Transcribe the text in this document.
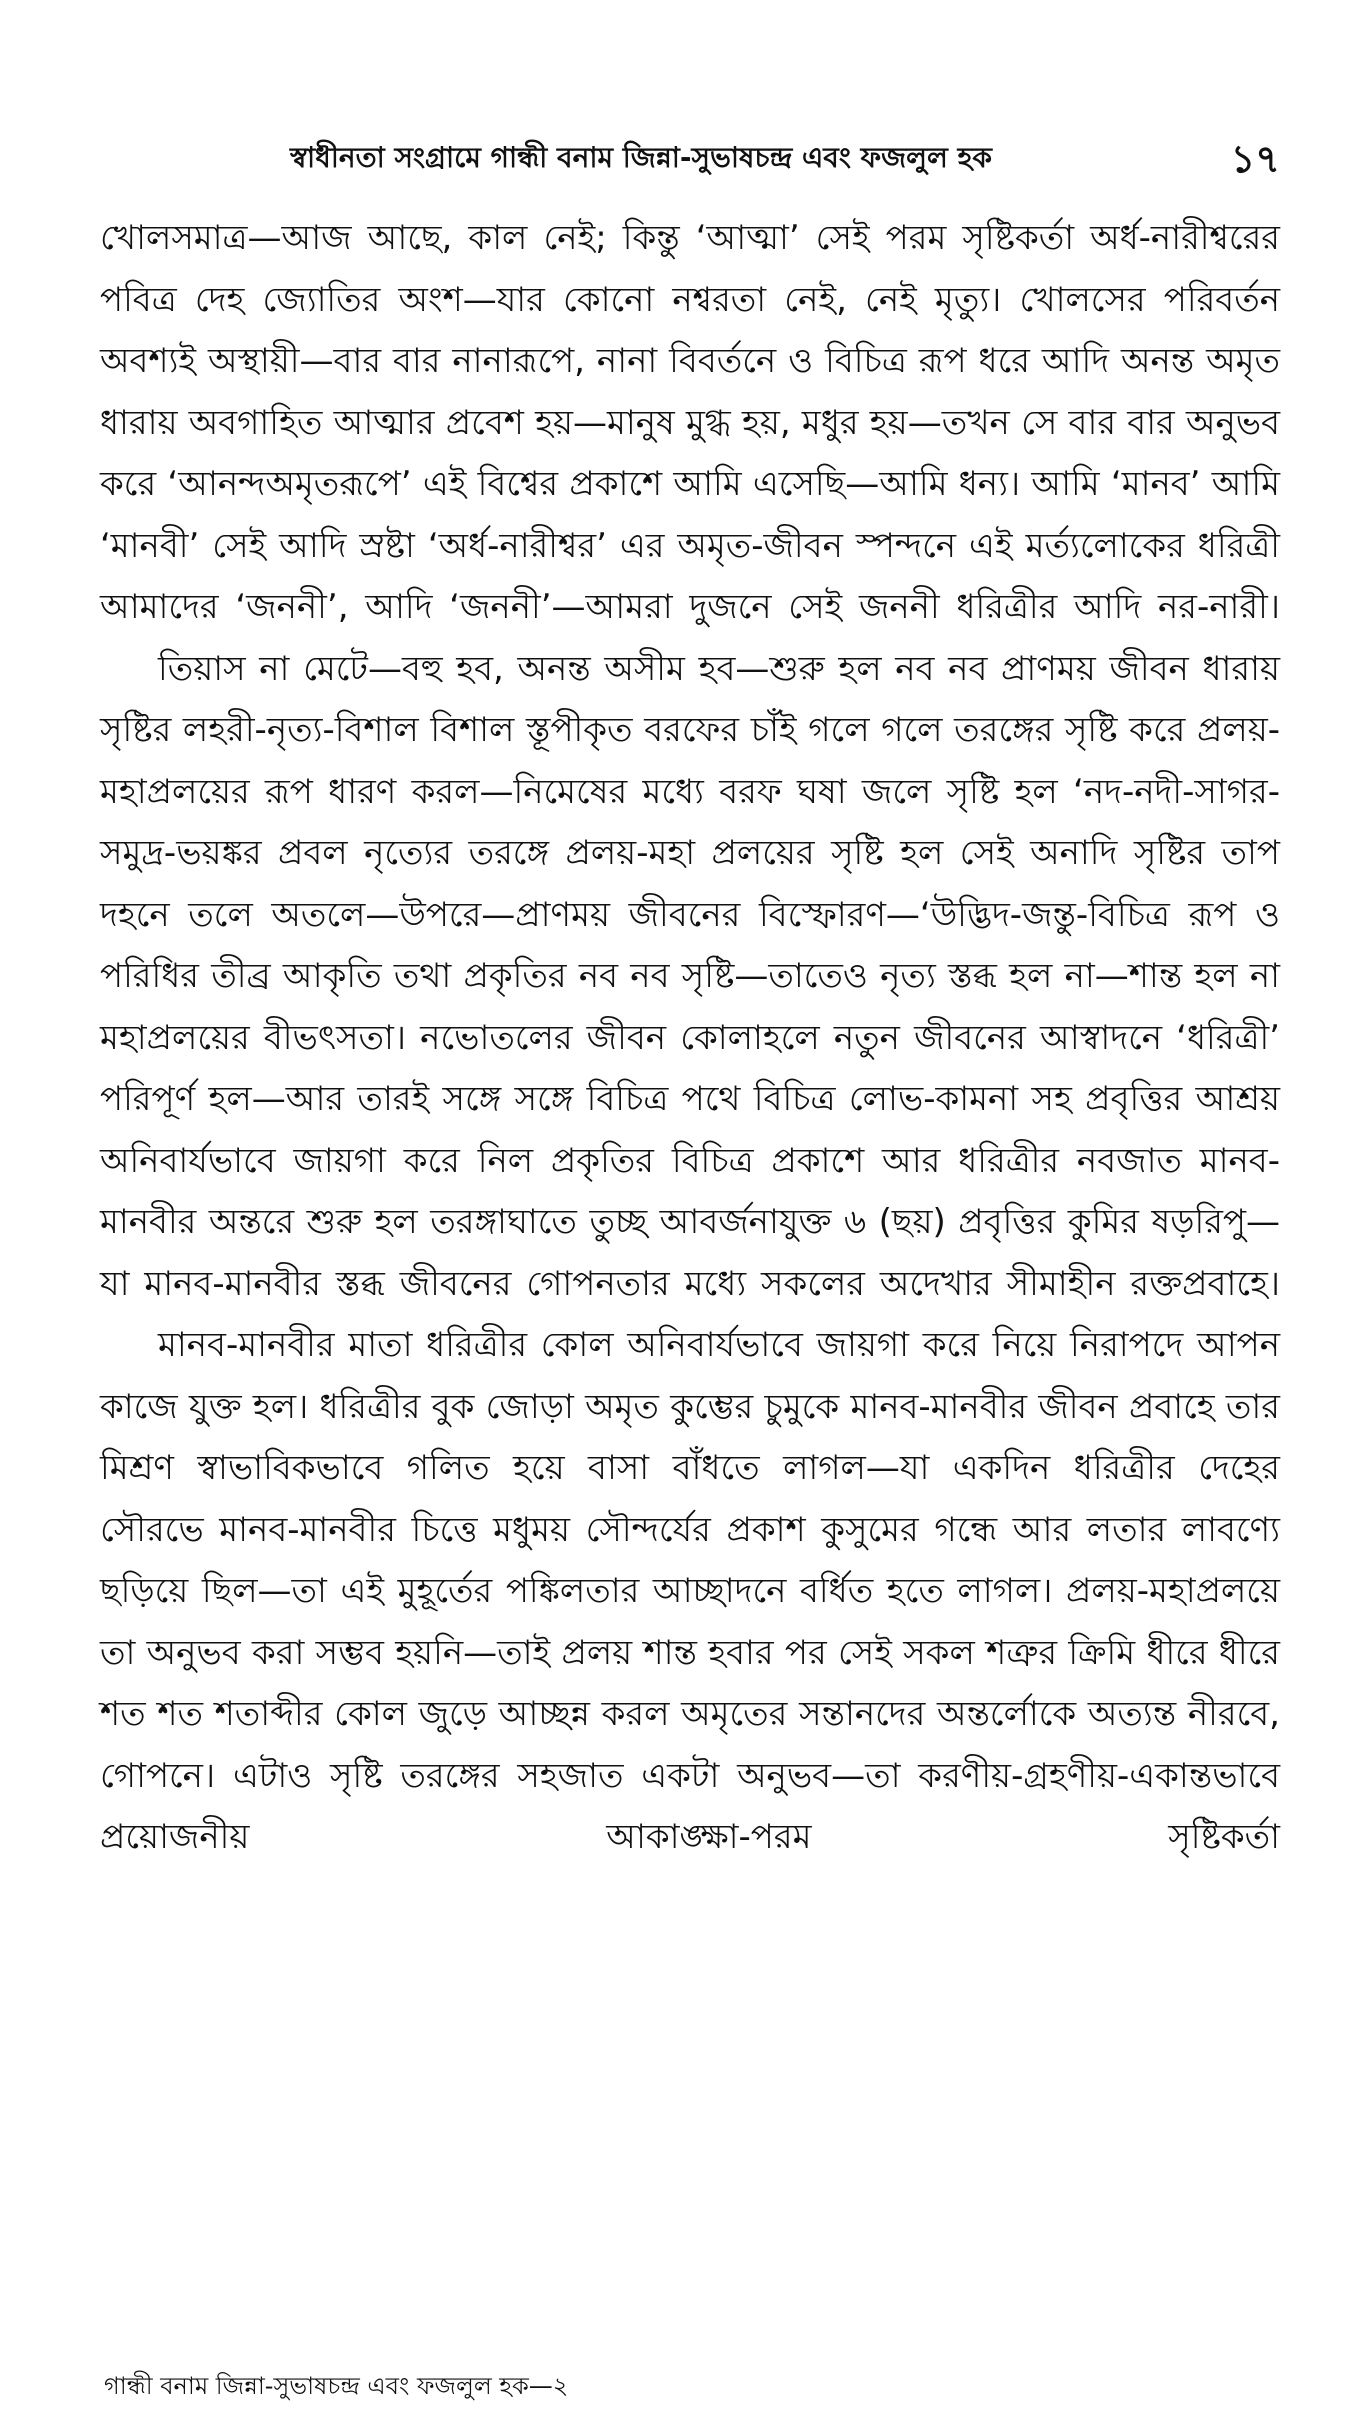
স্বাধীনতা সংগ্রামে গান্ধী বনাম জিন্না-সুভাষচন্দ্র এবং ফজলুল হক	১৭

খোলসমাত্র—আজ আছে, কাল নেই; কিন্তু ‘আত্মা’ সেই পরম সৃষ্টিকর্তা অর্ধ-নারীশ্বরের পবিত্র দেহ জ্যোতির অংশ—যার কোনো নশ্বরতা নেই, নেই মৃত্যু। খোলসের পরিবর্তন অবশ্যই অস্থায়ী—বার বার নানারূপে, নানা বিবর্তনে ও বিচিত্র রূপ ধরে আদি অনন্ত অমৃত ধারায় অবগাহিত আত্মার প্রবেশ হয়—মানুষ মুগ্ধ হয়, মধুর হয়—তখন সে বার বার অনুভব করে ‘আনন্দঅমৃতরূপে’ এই বিশ্বের প্রকাশে আমি এসেছি—আমি ধন্য। আমি ‘মানব’ আমি ‘মানবী’ সেই আদি স্রষ্টা ‘অর্ধ-নারীশ্বর’ এর অমৃত-জীবন স্পন্দনে এই মর্ত্যলোকের ধরিত্রী আমাদের ‘জননী’, আদি ‘জননী’—আমরা দুজনে সেই জননী ধরিত্রীর আদি নর-নারী।

তিয়াস না মেটে—বহু হব, অনন্ত অসীম হব—শুরু হল নব নব প্রাণময় জীবন ধারায় সৃষ্টির লহরী-নৃত্য-বিশাল বিশাল স্তূপীকৃত বরফের চাঁই গলে গলে তরঙ্গের সৃষ্টি করে প্রলয়-মহাপ্রলয়ের রূপ ধারণ করল—নিমেষের মধ্যে বরফ ঘষা জলে সৃষ্টি হল ‘নদ-নদী-সাগর-সমুদ্র-ভয়ঙ্কর প্রবল নৃত্যের তরঙ্গে প্রলয়-মহা প্রলয়ের সৃষ্টি হল সেই অনাদি সৃষ্টির তাপ দহনে তলে অতলে—উপরে—প্রাণময় জীবনের বিস্ফোরণ—‘উদ্ভিদ-জন্তু-বিচিত্র রূপ ও পরিধির তীব্র আকৃতি তথা প্রকৃতির নব নব সৃষ্টি—তাতেও নৃত্য স্তব্ধ হল না—শান্ত হল না মহাপ্রলয়ের বীভৎসতা। নভোতলের জীবন কোলাহলে নতুন জীবনের আস্বাদনে ‘ধরিত্রী’ পরিপূর্ণ হল—আর তারই সঙ্গে সঙ্গে বিচিত্র পথে বিচিত্র লোভ-কামনা সহ প্রবৃত্তির আশ্রয় অনিবার্যভাবে জায়গা করে নিল প্রকৃতির বিচিত্র প্রকাশে আর ধরিত্রীর নবজাত মানব-মানবীর অন্তরে শুরু হল তরঙ্গাঘাতে তুচ্ছ আবর্জনাযুক্ত ৬ (ছয়) প্রবৃত্তির কুমির ষড়রিপু—যা মানব-মানবীর স্তব্ধ জীবনের গোপনতার মধ্যে সকলের অদেখার সীমাহীন রক্তপ্রবাহে।

মানব-মানবীর মাতা ধরিত্রীর কোল অনিবার্যভাবে জায়গা করে নিয়ে নিরাপদে আপন কাজে যুক্ত হল। ধরিত্রীর বুক জোড়া অমৃত কুম্ভের চুমুকে মানব-মানবীর জীবন প্রবাহে তার মিশ্রণ স্বাভাবিকভাবে গলিত হয়ে বাসা বাঁধতে লাগল—যা একদিন ধরিত্রীর দেহের সৌরভে মানব-মানবীর চিত্তে মধুময় সৌন্দর্যের প্রকাশ কুসুমের গন্ধে আর লতার লাবণ্যে ছড়িয়ে ছিল—তা এই মুহূর্তের পঙ্কিলতার আচ্ছাদনে বর্ধিত হতে লাগল। প্রলয়-মহাপ্রলয়ে তা অনুভব করা সম্ভব হয়নি—তাই প্রলয় শান্ত হবার পর সেই সকল শত্রুর ক্রিমি ধীরে ধীরে শত শত শতাব্দীর কোল জুড়ে আচ্ছন্ন করল অমৃতের সন্তানদের অন্তর্লোকে অত্যন্ত নীরবে, গোপনে। এটাও সৃষ্টি তরঙ্গের সহজাত একটা অনুভব—তা করণীয়-গ্রহণীয়-একান্তভাবে প্রয়োজনীয় আকাঙ্ক্ষা-পরম সৃষ্টিকর্তা

গান্ধী বনাম জিন্না-সুভাষচন্দ্র এবং ফজলুল হক—২
